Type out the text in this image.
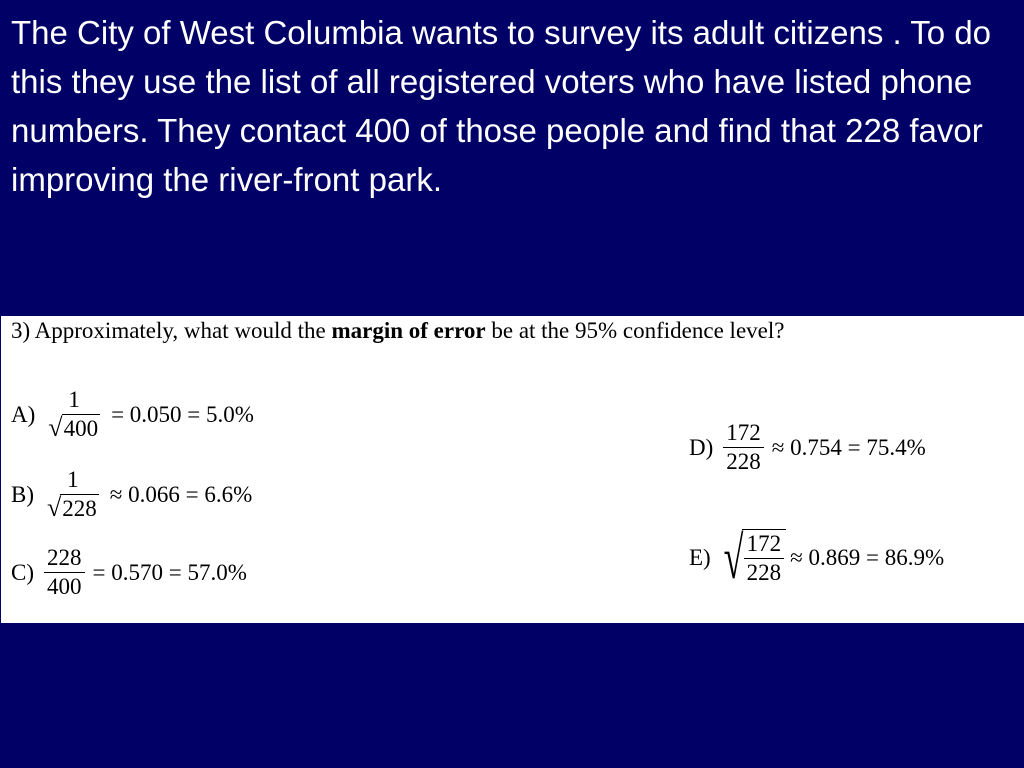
The City of West Columbia wants to survey its adult citizens . To do this they use the list of all registered voters who have listed phone numbers. They contact 400 of those people and find that 228 favor improving the river-front park.

3) Approximately, what would the margin of error be at the 95% confidence level?
A)
1
√ 400
= 0.050 = 5.0%
B)
1
√ 228
≈ 0.066 = 6.6%
$C) \frac{228}{400} = 0.570 = 57.0\%$
$D) \frac{172}{228} \approx 0.754 = 75.4\%$
E) √ $\frac{172}{228} \approx 0.869 = 86.9\%$
